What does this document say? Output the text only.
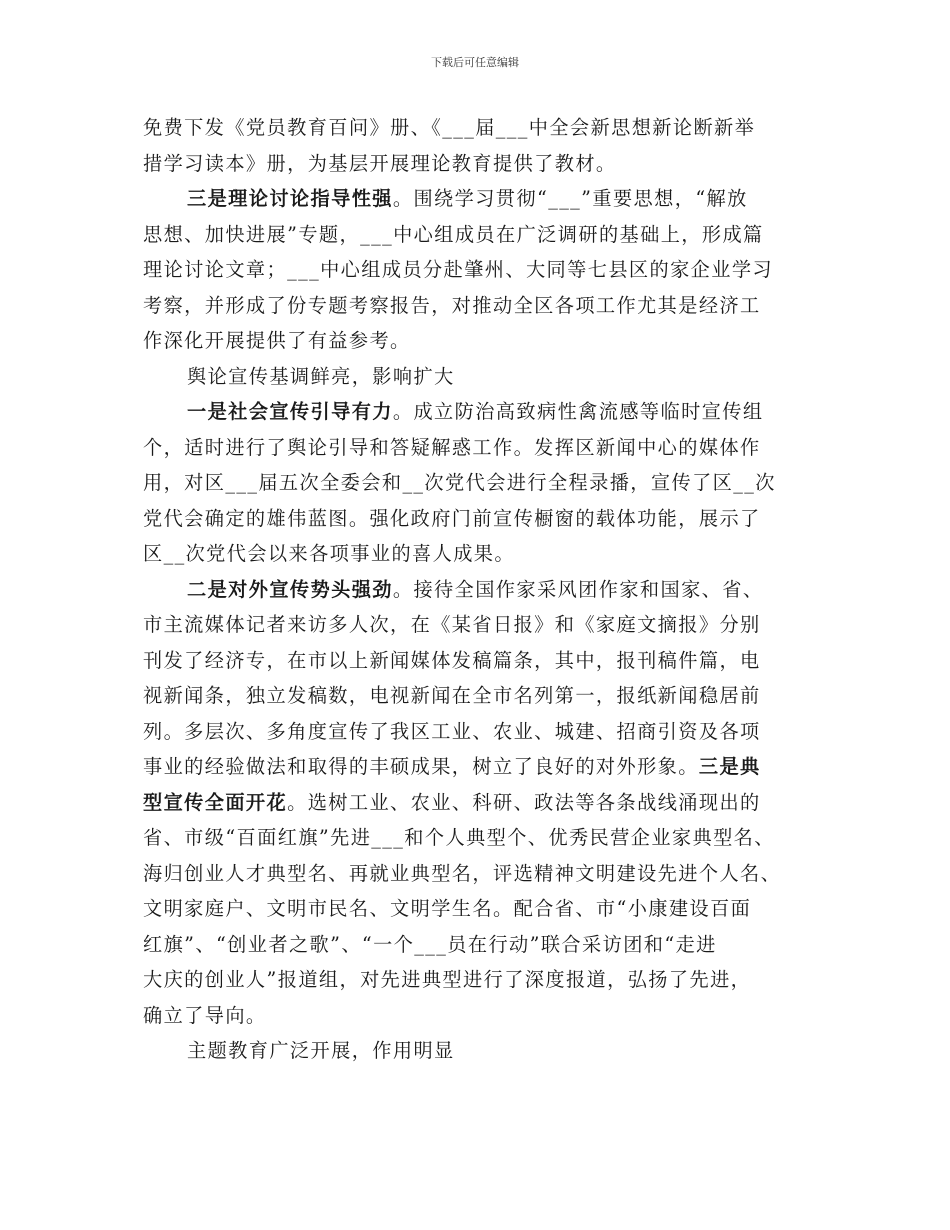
下载后可任意编辑
免费下发《党员教育百问》册、《___届___中全会新思想新论断新举
措学习读本》册，为基层开展理论教育提供了教材。
三是理论讨论指导性强。围绕学习贯彻“___”重要思想，“解放
思想、加快进展”专题，___中心组成员在广泛调研的基础上，形成篇
理论讨论文章；___中心组成员分赴肇州、大同等七县区的家企业学习
考察，并形成了份专题考察报告，对推动全区各项工作尤其是经济工
作深化开展提供了有益参考。
舆论宣传基调鲜亮，影响扩大
一是社会宣传引导有力。成立防治高致病性禽流感等临时宣传组
个，适时进行了舆论引导和答疑解惑工作。发挥区新闻中心的媒体作
用，对区___届五次全委会和__次党代会进行全程录播，宣传了区__次
党代会确定的雄伟蓝图。强化政府门前宣传橱窗的载体功能，展示了
区__次党代会以来各项事业的喜人成果。
二是对外宣传势头强劲。接待全国作家采风团作家和国家、省、
市主流媒体记者来访多人次，在《某省日报》和《家庭文摘报》分别
刊发了经济专，在市以上新闻媒体发稿篇条，其中，报刊稿件篇，电
视新闻条，独立发稿数，电视新闻在全市名列第一，报纸新闻稳居前
列。多层次、多角度宣传了我区工业、农业、城建、招商引资及各项
事业的经验做法和取得的丰硕成果，树立了良好的对外形象。三是典
型宣传全面开花。选树工业、农业、科研、政法等各条战线涌现出的
省、市级“百面红旗”先进___和个人典型个、优秀民营企业家典型名、
海归创业人才典型名、再就业典型名，评选精神文明建设先进个人名、
文明家庭户、文明市民名、文明学生名。配合省、市“小康建设百面
红旗”、“创业者之歌”、“一个___员在行动”联合采访团和“走进
大庆的创业人”报道组，对先进典型进行了深度报道，弘扬了先进，
确立了导向。
主题教育广泛开展，作用明显
